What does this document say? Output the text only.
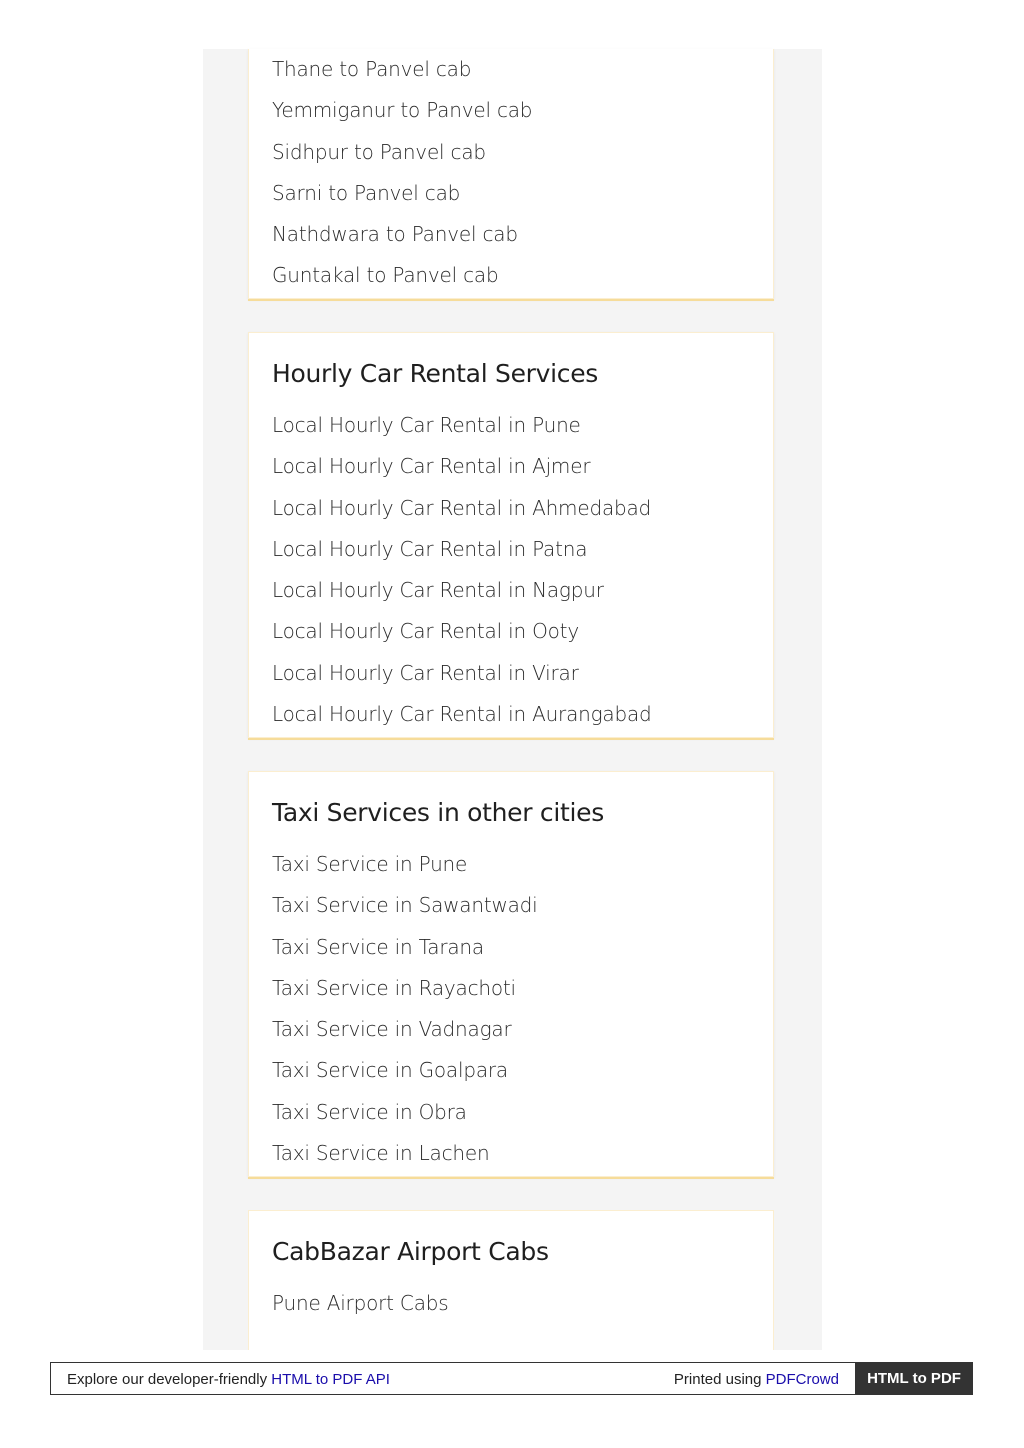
Thane to Panvel cab
Yemmiganur to Panvel cab
Sidhpur to Panvel cab
Sarni to Panvel cab
Nathdwara to Panvel cab
Guntakal to Panvel cab
Hourly Car Rental Services
Local Hourly Car Rental in Pune
Local Hourly Car Rental in Ajmer
Local Hourly Car Rental in Ahmedabad
Local Hourly Car Rental in Patna
Local Hourly Car Rental in Nagpur
Local Hourly Car Rental in Ooty
Local Hourly Car Rental in Virar
Local Hourly Car Rental in Aurangabad
Taxi Services in other cities
Taxi Service in Pune
Taxi Service in Sawantwadi
Taxi Service in Tarana
Taxi Service in Rayachoti
Taxi Service in Vadnagar
Taxi Service in Goalpara
Taxi Service in Obra
Taxi Service in Lachen
CabBazar Airport Cabs
Pune Airport Cabs
Explore our developer-friendly HTML to PDF API	Printed using PDFCrowd	HTML to PDF
